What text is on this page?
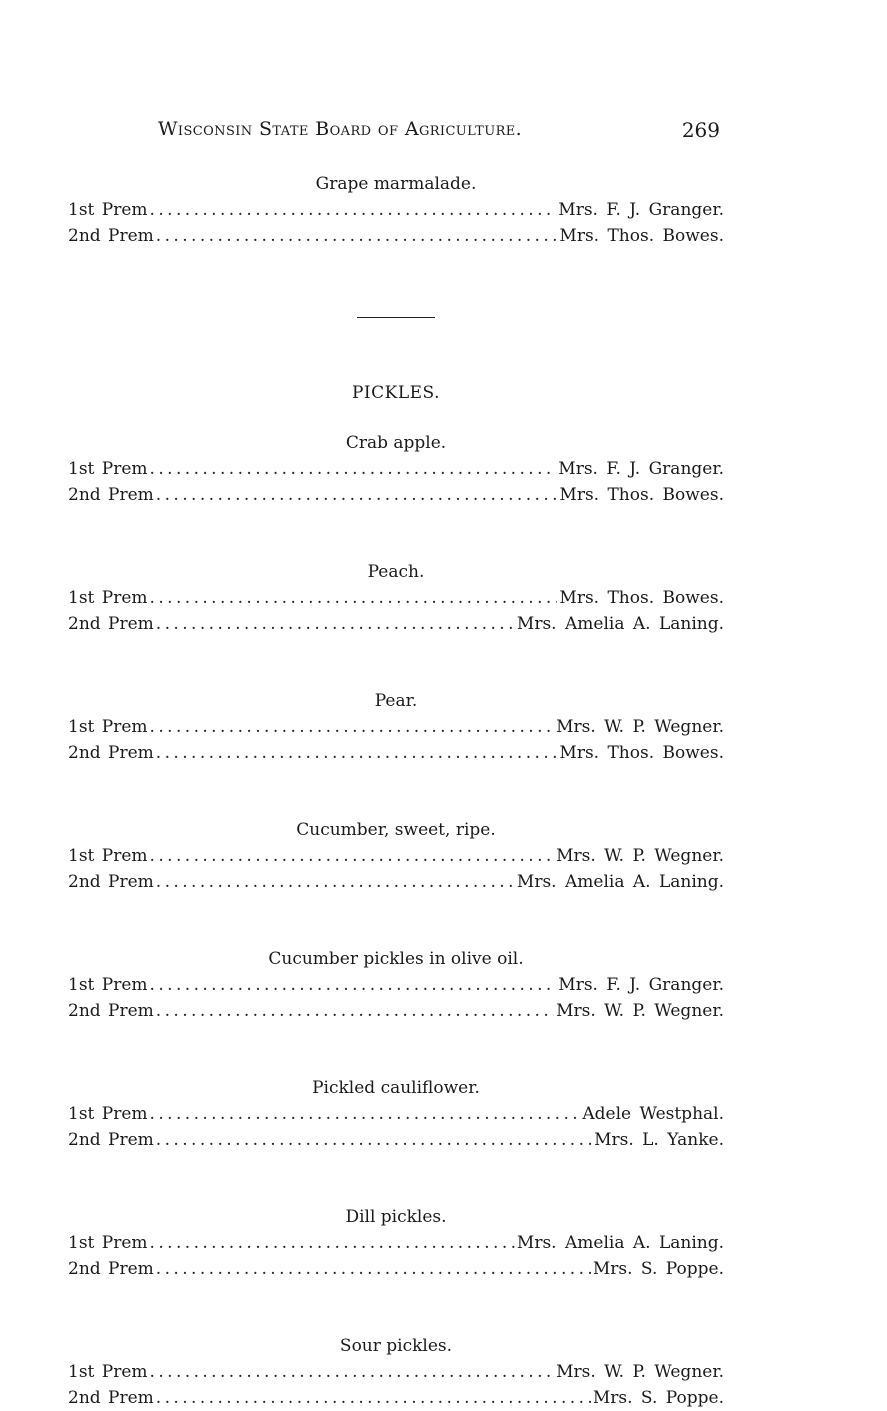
Wisconsin State Board of Agriculture.	269
Grape marmalade.
1st Prem . . .	Mrs. F. J. Granger.
2nd Prem . . .	Mrs. Thos. Bowes.
PICKLES.
Crab apple.
1st Prem . . .	Mrs. F. J. Granger.
2nd Prem . . .	Mrs. Thos. Bowes.
Peach.
1st Prem . . .	Mrs. Thos. Bowes.
2nd Prem . . .	Mrs. Amelia A. Laning.
Pear.
1st Prem . . .	Mrs. W. P. Wegner.
2nd Prem . . .	Mrs. Thos. Bowes.
Cucumber, sweet, ripe.
1st Prem . . .	Mrs. W. P. Wegner.
2nd Prem . . .	Mrs. Amelia A. Laning.
Cucumber pickles in olive oil.
1st Prem . . .	Mrs. F. J. Granger.
2nd Prem . . .	Mrs. W. P. Wegner.
Pickled cauliflower.
1st Prem . . .	Adele Westphal.
2nd Prem . . .	Mrs. L. Yanke.
Dill pickles.
1st Prem . . .	Mrs. Amelia A. Laning.
2nd Prem . . .	Mrs. S. Poppe.
Sour pickles.
1st Prem . . .	Mrs. W. P. Wegner.
2nd Prem . . .	Mrs. S. Poppe.
